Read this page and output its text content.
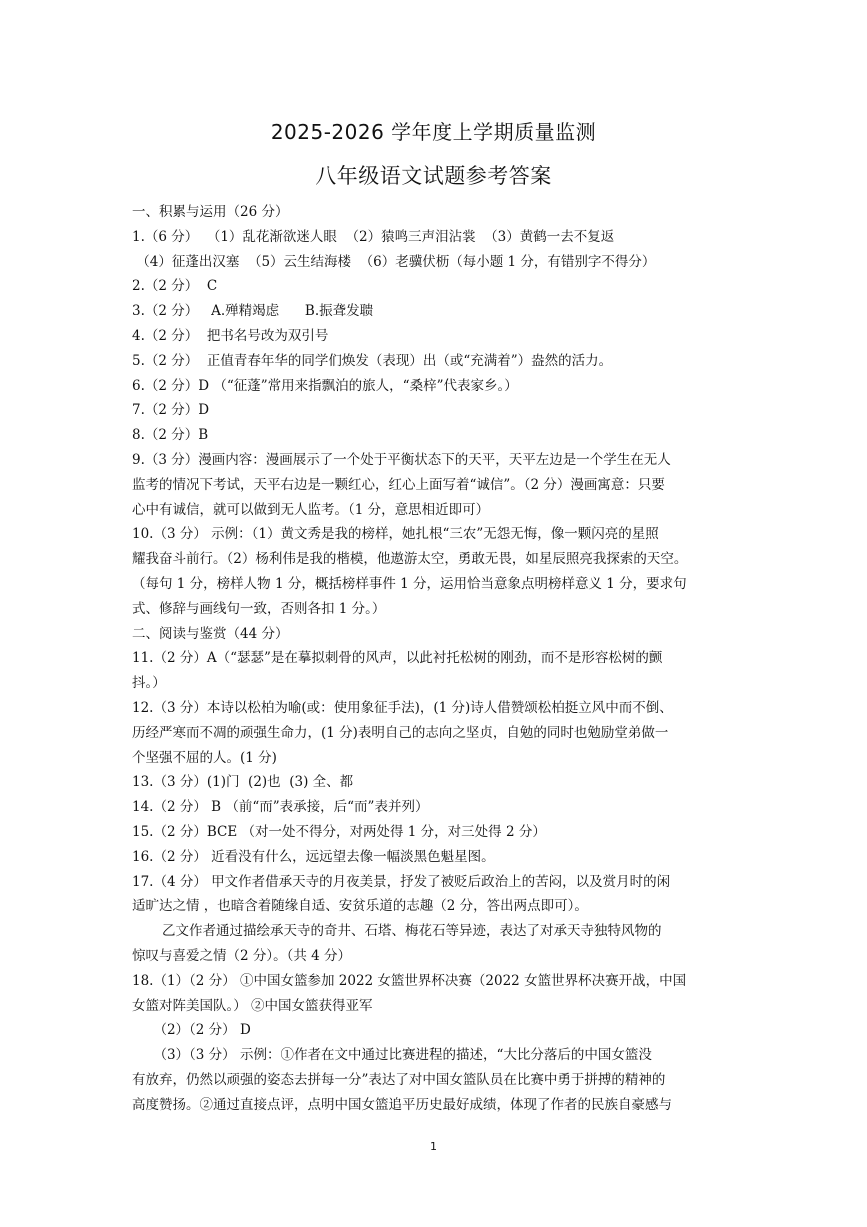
2025-2026 学年度上学期质量监测
八年级语文试题参考答案

一、积累与运用（26 分）

1.（6 分）  （1）乱花渐欲迷人眼  （2）猿鸣三声泪沾裳  （3）黄鹤一去不复返

（4）征蓬出汉塞  （5）云生结海楼  （6）老骥伏枥（每小题 1 分，有错别字不得分）

2.（2 分）  C

3.（2 分）   A.殚精竭虑      B.振聋发聩

4.（2 分）  把书名号改为双引号

5.（2 分）  正值青春年华的同学们焕发（表现）出（或“充满着”）盎然的活力。

6.（2 分）D （“征蓬”常用来指飘泊的旅人，“桑梓”代表家乡。）

7.（2 分）D

8.（2 分）B

9.（3 分）漫画内容：漫画展示了一个处于平衡状态下的天平，天平左边是一个学生在无人

监考的情况下考试，天平右边是一颗红心，红心上面写着“诚信”。（2 分）漫画寓意：只要

心中有诚信，就可以做到无人监考。（1 分，意思相近即可）

10.（3 分） 示例：（1）黄文秀是我的榜样，她扎根“三农”无怨无悔，像一颗闪亮的星照

耀我奋斗前行。（2）杨利伟是我的楷模，他遨游太空，勇敢无畏，如星辰照亮我探索的天空。

（每句 1 分，榜样人物 1 分，概括榜样事件 1 分，运用恰当意象点明榜样意义 1 分，要求句

式、修辞与画线句一致，否则各扣 1 分。）

二、阅读与鉴赏（44 分）

11.（2 分）A（“瑟瑟”是在摹拟刺骨的风声，以此衬托松树的刚劲，而不是形容松树的颤

抖。）

12.（3 分）本诗以松柏为喻(或：使用象征手法)，(1 分)诗人借赞颂松柏挺立风中而不倒、

历经严寒而不凋的顽强生命力，(1 分)表明自己的志向之坚贞，自勉的同时也勉励堂弟做一

个坚强不屈的人。(1 分)

13.（3 分）(1)门  (2)也  (3) 全、都

14.（2 分） B （前“而”表承接，后“而”表并列）

15.（2 分）BCE （对一处不得分，对两处得 1 分，对三处得 2 分）

16.（2 分） 近看没有什么，远远望去像一幅淡黑色魁星图。

17.（4 分） 甲文作者借承天寺的月夜美景，抒发了被贬后政治上的苦闷，以及赏月时的闲

适旷达之情 ，也暗含着随缘自适、安贫乐道的志趣（2 分，答出两点即可）。

乙文作者通过描绘承天寺的奇井、石塔、梅花石等异迹，表达了对承天寺独特风物的

惊叹与喜爱之情（2 分）。（共 4 分）

18.（1）（2 分） ①中国女篮参加 2022 女篮世界杯决赛（2022 女篮世界杯决赛开战，中国

女篮对阵美国队。） ②中国女篮获得亚军

（2）（2 分） D

（3）（3 分） 示例：①作者在文中通过比赛进程的描述，“大比分落后的中国女篮没

有放弃，仍然以顽强的姿态去拼每一分”表达了对中国女篮队员在比赛中勇于拼搏的精神的

高度赞扬。②通过直接点评，点明中国女篮追平历史最好成绩，体现了作者的民族自豪感与

1
